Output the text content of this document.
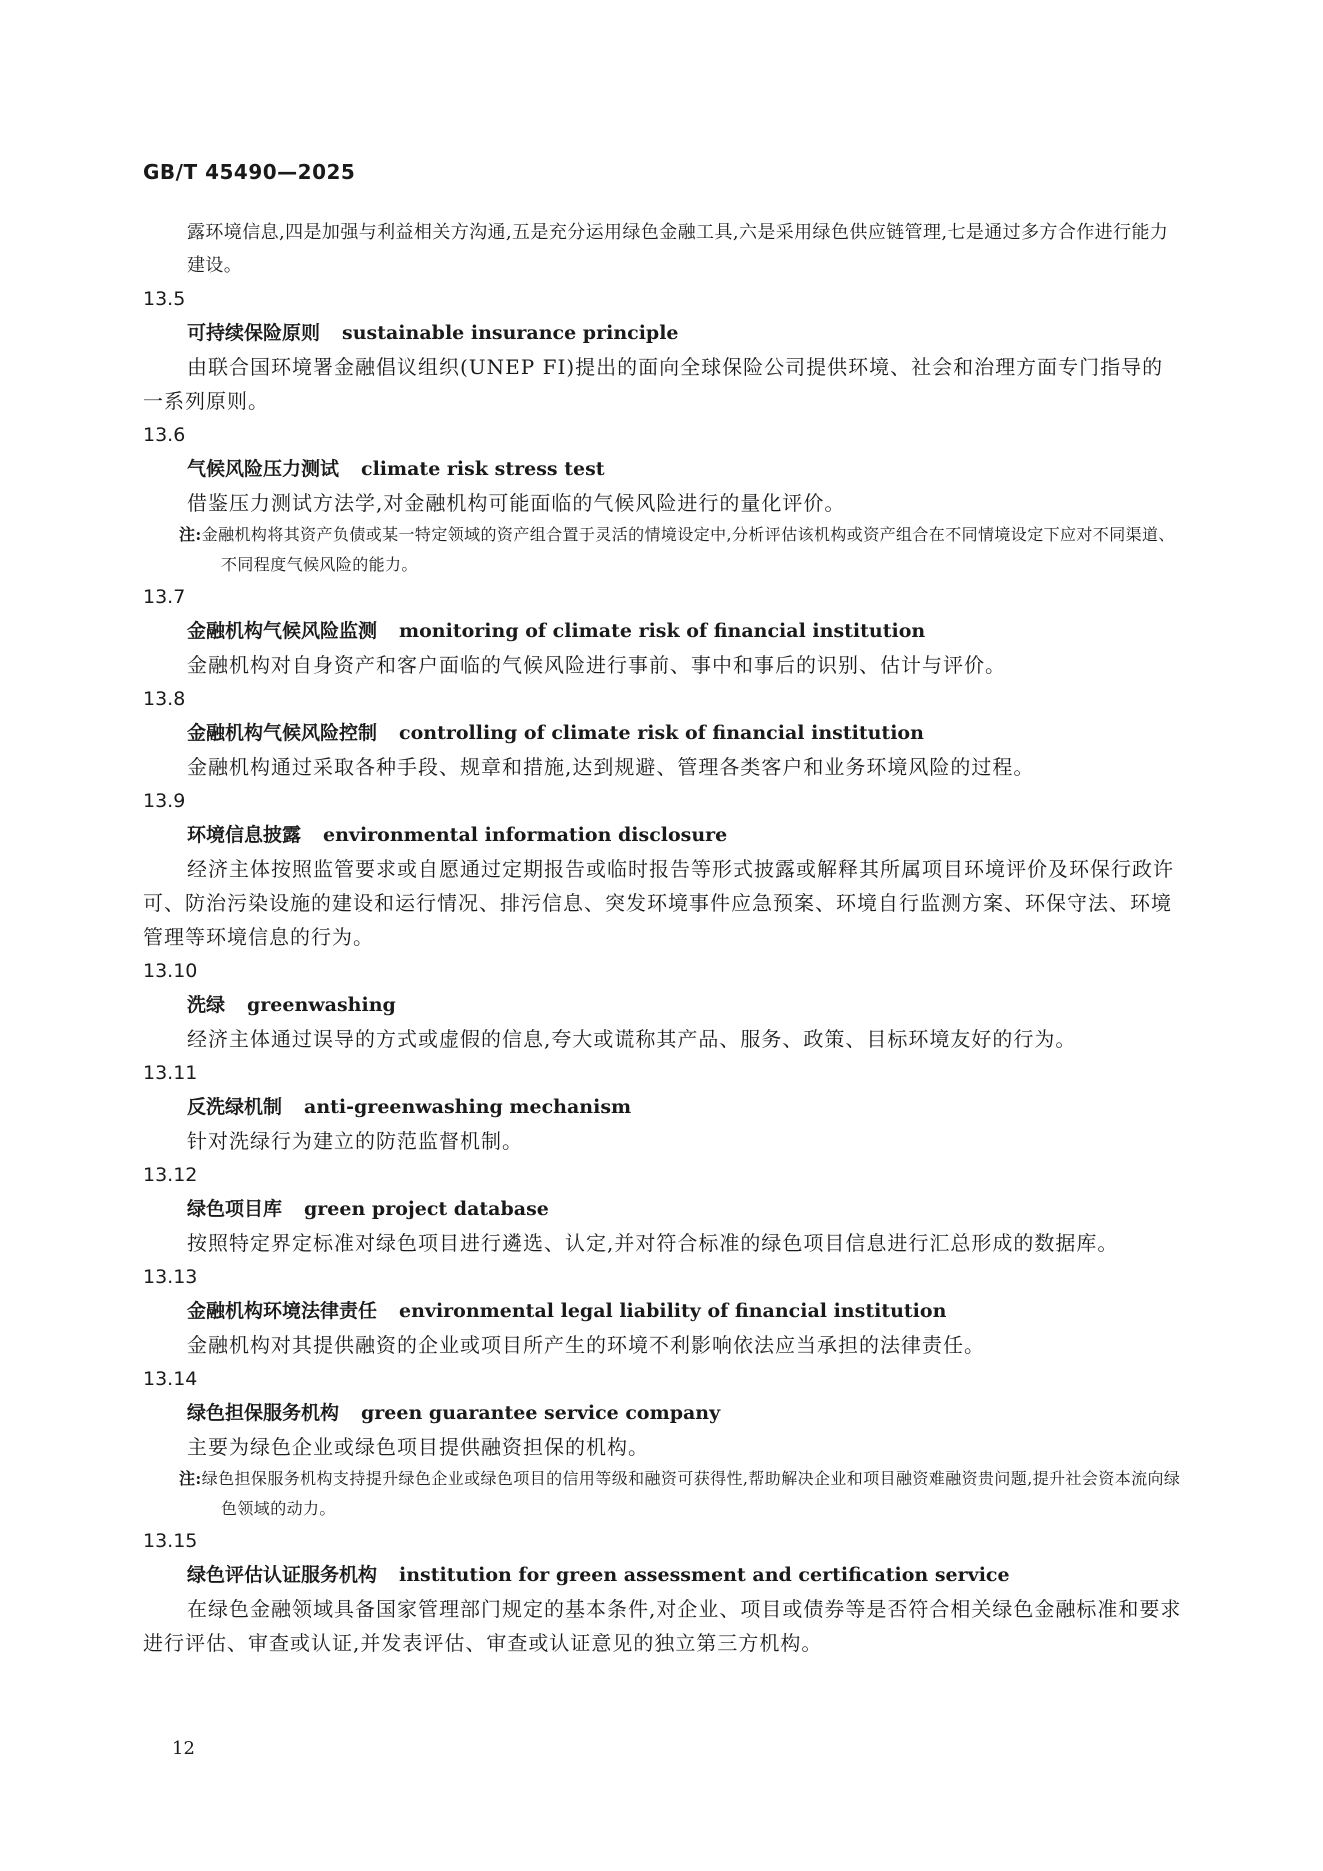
GB/T 45490—2025

露环境信息,四是加强与利益相关方沟通,五是充分运用绿色金融工具,六是采用绿色供应链管理,七是通过多方合作进行能力建设。

13.5
可持续保险原则 sustainable insurance principle

由联合国环境署金融倡议组织(UNEP FI)提出的面向全球保险公司提供环境、社会和治理方面专门指导的一系列原则。

13.6
气候风险压力测试 climate risk stress test

借鉴压力测试方法学,对金融机构可能面临的气候风险进行的量化评价。

注:金融机构将其资产负债或某一特定领域的资产组合置于灵活的情境设定中,分析评估该机构或资产组合在不同情境设定下应对不同渠道、不同程度气候风险的能力。

13.7
金融机构气候风险监测 monitoring of climate risk of financial institution

金融机构对自身资产和客户面临的气候风险进行事前、事中和事后的识别、估计与评价。

13.8
金融机构气候风险控制 controlling of climate risk of financial institution

金融机构通过采取各种手段、规章和措施,达到规避、管理各类客户和业务环境风险的过程。

13.9
环境信息披露 environmental information disclosure

经济主体按照监管要求或自愿通过定期报告或临时报告等形式披露或解释其所属项目环境评价及环保行政许可、防治污染设施的建设和运行情况、排污信息、突发环境事件应急预案、环境自行监测方案、环保守法、环境管理等环境信息的行为。

13.10
洗绿 greenwashing

经济主体通过误导的方式或虚假的信息,夸大或谎称其产品、服务、政策、目标环境友好的行为。

13.11
反洗绿机制 anti-greenwashing mechanism

针对洗绿行为建立的防范监督机制。

13.12
绿色项目库 green project database

按照特定界定标准对绿色项目进行遴选、认定,并对符合标准的绿色项目信息进行汇总形成的数据库。

13.13
金融机构环境法律责任 environmental legal liability of financial institution

金融机构对其提供融资的企业或项目所产生的环境不利影响依法应当承担的法律责任。

13.14
绿色担保服务机构 green guarantee service company

主要为绿色企业或绿色项目提供融资担保的机构。

注:绿色担保服务机构支持提升绿色企业或绿色项目的信用等级和融资可获得性,帮助解决企业和项目融资难融资贵问题,提升社会资本流向绿色领域的动力。

13.15
绿色评估认证服务机构 institution for green assessment and certification service

在绿色金融领域具备国家管理部门规定的基本条件,对企业、项目或债券等是否符合相关绿色金融标准和要求进行评估、审查或认证,并发表评估、审查或认证意见的独立第三方机构。

12
